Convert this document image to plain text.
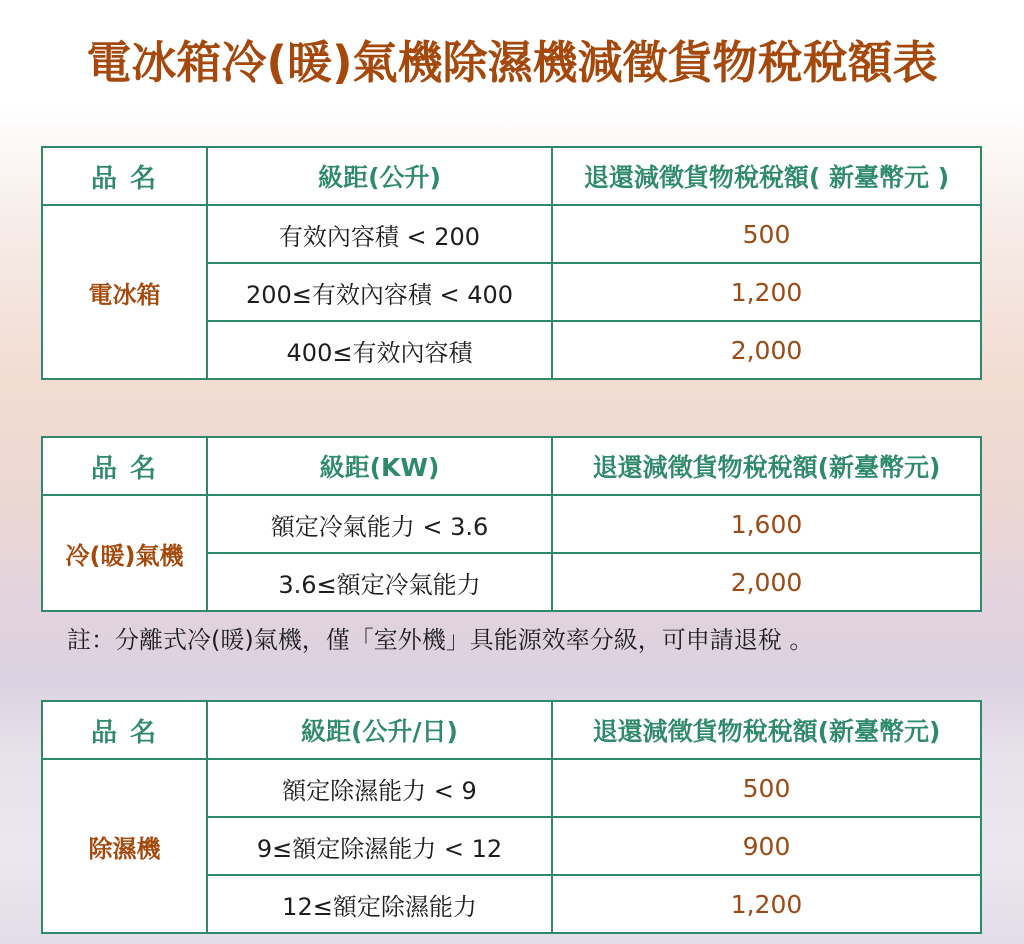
電冰箱冷(暖)氣機除濕機減徵貨物稅稅額表
品 名	級距(公升)	退還減徵貨物稅稅額( 新臺幣元 )
電冰箱	有效內容積 < 200	500
	200≤有效內容積 < 400	1,200
	400≤有效內容積	2,000
品 名	級距(KW)	退還減徵貨物稅稅額(新臺幣元)
冷(暖)氣機	額定冷氣能力 < 3.6	1,600
	3.6≤額定冷氣能力	2,000
註：分離式冷(暖)氣機，僅「室外機」具能源效率分級，可申請退稅 。
品 名	級距(公升/日)	退還減徵貨物稅稅額(新臺幣元)
除濕機	額定除濕能力 < 9	500
	9≤額定除濕能力 < 12	900
	12≤額定除濕能力	1,200
